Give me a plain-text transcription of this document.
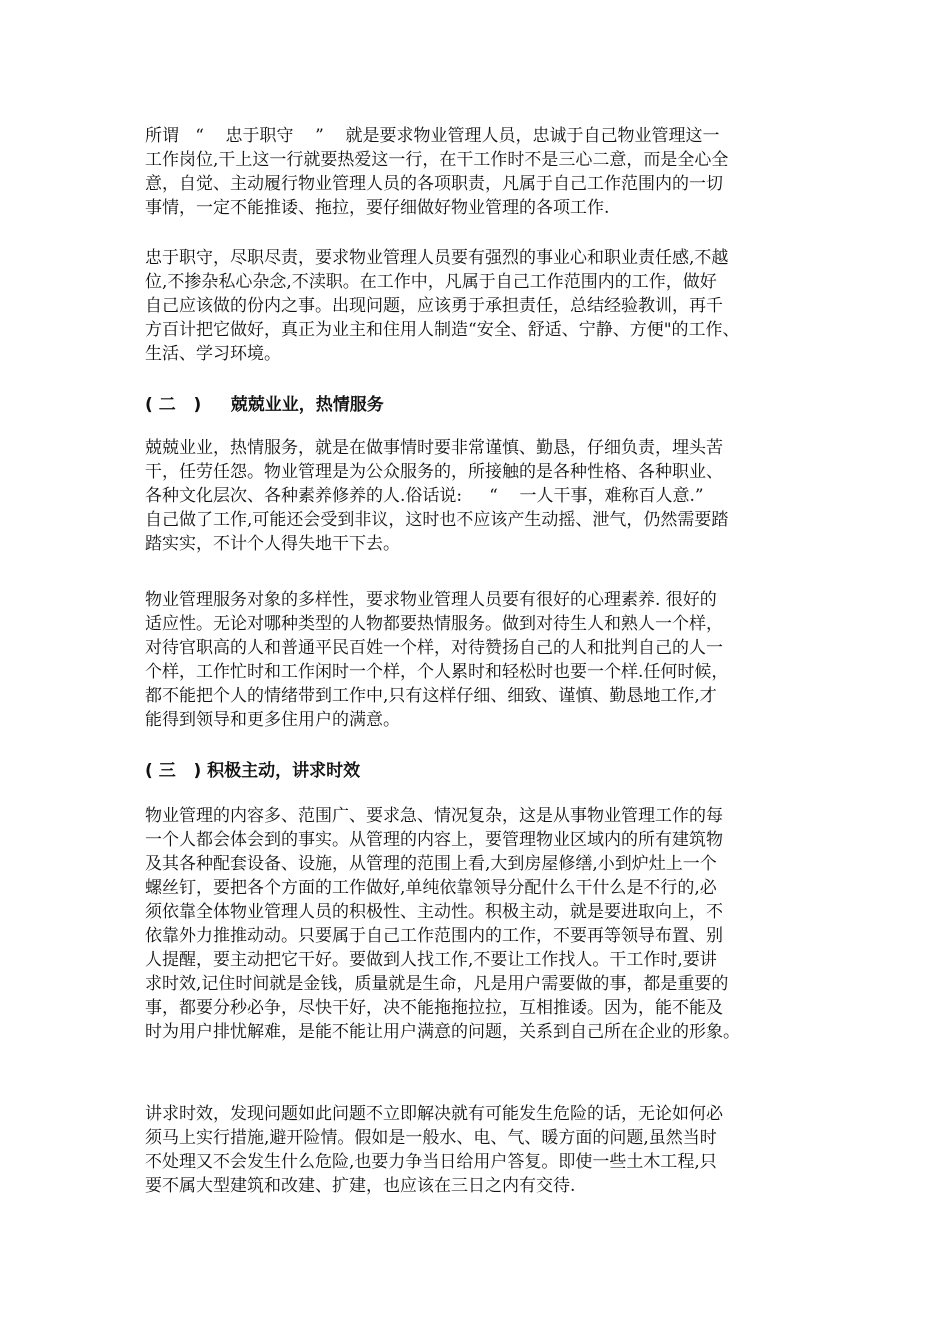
所谓   “    忠于职守    ”    就是要求物业管理人员，忠诚于自己物业管理这一

工作岗位,干上这一行就要热爱这一行，在干工作时不是三心二意，而是全心全

意，自觉、主动履行物业管理人员的各项职责，凡属于自己工作范围内的一切

事情，一定不能推诿、拖拉，要仔细做好物业管理的各项工作.

忠于职守，尽职尽责，要求物业管理人员要有强烈的事业心和职业责任感,不越

位,不掺杂私心杂念,不渎职。在工作中，凡属于自己工作范围内的工作，做好

自己应该做的份内之事。出现问题，应该勇于承担责任，总结经验教训，再千

方百计把它做好，真正为业主和住用人制造“安全、舒适、宁静、方便"的工作、

生活、学习环境。

( 二   )     兢兢业业，热情服务

兢兢业业，热情服务，就是在做事情时要非常谨慎、勤恳，仔细负责，埋头苦

干，任劳任怨。物业管理是为公众服务的，所接触的是各种性格、各种职业、

各种文化层次、各种素养修养的人.俗话说:     “    一人干事，难称百人意.”

自己做了工作,可能还会受到非议，这时也不应该产生动摇、泄气，仍然需要踏

踏实实，不计个人得失地干下去。

物业管理服务对象的多样性，要求物业管理人员要有很好的心理素养. 很好的

适应性。无论对哪种类型的人物都要热情服务。做到对待生人和熟人一个样，

对待官职高的人和普通平民百姓一个样，对待赞扬自己的人和批判自己的人一

个样，工作忙时和工作闲时一个样，个人累时和轻松时也要一个样.任何时候，

都不能把个人的情绪带到工作中,只有这样仔细、细致、谨慎、勤恳地工作,才

能得到领导和更多住用户的满意。

( 三   ) 积极主动，讲求时效

物业管理的内容多、范围广、要求急、情况复杂，这是从事物业管理工作的每

一个人都会体会到的事实。从管理的内容上，要管理物业区域内的所有建筑物

及其各种配套设备、设施，从管理的范围上看,大到房屋修缮,小到炉灶上一个

螺丝钉，要把各个方面的工作做好,单纯依靠领导分配什么干什么是不行的,必

须依靠全体物业管理人员的积极性、主动性。积极主动，就是要进取向上，不

依靠外力推推动动。只要属于自己工作范围内的工作，不要再等领导布置、别

人提醒，要主动把它干好。要做到人找工作,不要让工作找人。干工作时,要讲

求时效,记住时间就是金钱，质量就是生命，凡是用户需要做的事，都是重要的

事，都要分秒必争，尽快干好，决不能拖拖拉拉，互相推诿。因为，能不能及

时为用户排忧解难，是能不能让用户满意的问题，关系到自己所在企业的形象。

讲求时效，发现问题如此问题不立即解决就有可能发生危险的话，无论如何必

须马上实行措施,避开险情。假如是一般水、电、气、暖方面的问题,虽然当时

不处理又不会发生什么危险,也要力争当日给用户答复。即使一些土木工程,只

要不属大型建筑和改建、扩建，也应该在三日之内有交待.
